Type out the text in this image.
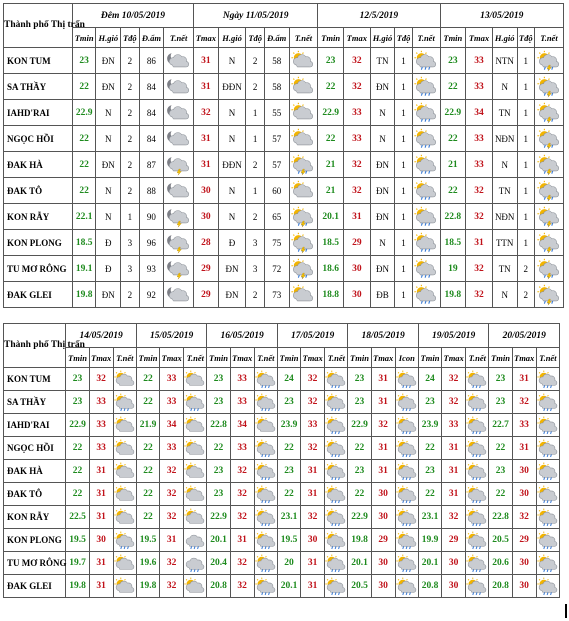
Thành phố Thị trấn	Đêm 10/05/2019					Ngày 11/05/2019					12/5/2019					13/05/2019				
	Tmin	H.gió	Tđộ	Đ.ẩm	T.nết	Tmax	H.gió	Tđộ	Đ.ẩm	T.nết	Tmin	Tmax	H.gió	Tđộ	T.nết	Tmin	Tmax	H.gió	Tđộ	T.nết
KON TUM	23	ĐN	2	86		31	N	2	58		23	32	TN	1		23	33	NTN	1	

SA THẦY	22	ĐN	2	84		31	ĐĐN	2	58		22	32	ĐN	1		22	33	N	1	

IAHD'RAI	22.9	N	2	84		32	N	1	55		22.9	33	N	1		22.9	34	TN	1	

NGỌC HỒI	22	N	2	84		31	N	1	57		22	33	N	1		22	33	NĐN	1	

ĐAK HÀ	22	ĐN	2	87		31	ĐĐN	2	57		21	32	ĐN	1		21	33	N	1	

ĐAK TÔ	22	N	2	88		30	N	1	60		21	32	ĐN	1		22	32	TN	1	

KON RẪY	22.1	N	1	90		30	N	2	65		20.1	31	ĐN	1		22.8	32	NĐN	1	

KON PLONG	18.5	Đ	3	96		28	Đ	3	75		18.5	29	N	1		18.5	31	TTN	1	

TU MƠ RÔNG	19.1	Đ	3	93		29	ĐN	3	72		18.6	30	ĐN	1		19	32	TN	2	

ĐAK GLEI	19.8	ĐN	2	92		29	ĐN	2	73		18.8	30	ĐB	1		19.8	32	N	2	
Thành phố Thị trấn	14/05/2019			15/05/2019			16/05/2019			17/05/2019			18/05/2019			19/05/2019			20/05/2019		
	Tmin	Tmax	T.nết	Tmin	Tmax	T.nết	Tmin	Tmax	T.nết	Tmin	Tmax	T.nết	Tmin	Tmax	Icon	Tmin	Tmax	T.nết	Tmin	Tmax	T.nết
KON TUM	23	32		22	33		23	33		24	32		23	31		24	32		23	31	

SA THẦY	23	33		22	33		23	33		23	32		23	31		23	32		23	32	

IAHD'RAI	22.9	33		21.9	34		22.8	34		23.9	33		22.9	32		23.9	33		22.7	33	

NGỌC HỒI	22	33		22	33		22	33		22	32		22	31		22	31		22	31	

ĐAK HÀ	22	31		22	32		23	32		23	31		23	31		23	31		23	30	

ĐAK TÔ	22	31		22	32		23	32		22	31		22	30		22	31		22	30	

KON RẪY	22.5	31		22	32		22.9	32		23.1	32		22.9	30		23.1	32		22.8	32	

KON PLONG	19.5	30		19.5	31		20.1	31		19.5	30		19.8	29		19.9	29		20.5	29	

TU MƠ RÔNG	19.7	31		19.6	32		20.4	32		20	31		20.1	30		20.1	30		20.6	30	

ĐAK GLEI	19.8	31		19.8	32		20.8	32		20.1	31		20.5	30		20.8	30		20.8	30	
